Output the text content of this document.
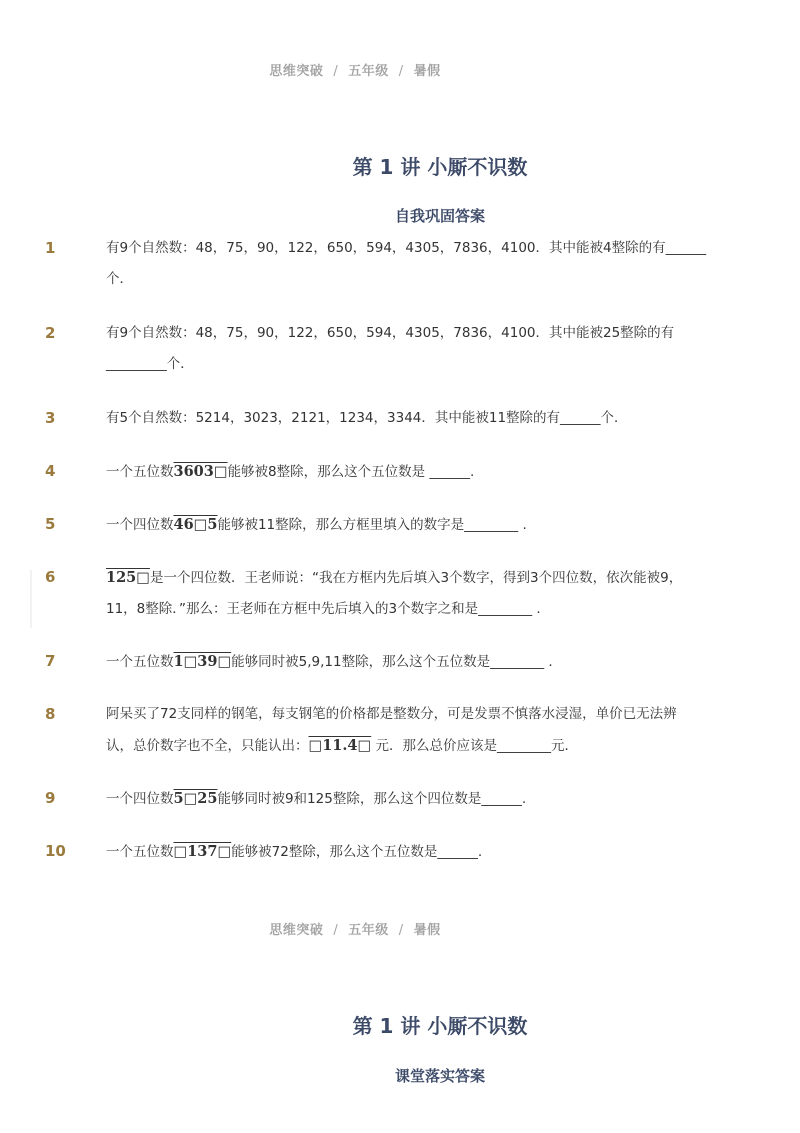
思维突破 / 五年级 / 暑假
第 1 讲 小厮不识数
自我巩固答案
1	有9个自然数：48，75，90，122，650，594，4305，7836，4100．其中能被4整除的有______
个．
2	有9个自然数：48，75，90，122，650，594，4305，7836，4100．其中能被25整除的有
_________个．
3	有5个自然数：5214，3023，2121，1234，3344．其中能被11整除的有______个．
4	一个五位数3603□能够被8整除，那么这个五位数是 ______.
5	一个四位数46□5能够被11整除，那么方框里填入的数字是________ .
6	125□是一个四位数．王老师说：“我在方框内先后填入3个数字，得到3个四位数，依次能被9，
11，8整除．”那么：王老师在方框中先后填入的3个数字之和是________ .
7	一个五位数1□39□能够同时被5,9,11整除，那么这个五位数是________ .
8	阿呆买了72支同样的钢笔，每支钢笔的价格都是整数分，可是发票不慎落水浸湿，单价已无法辨
认，总价数字也不全，只能认出：□11.4□ 元．那么总价应该是________元．
9	一个四位数5□25能够同时被9和125整除，那么这个四位数是______.
10	一个五位数□137□能够被72整除，那么这个五位数是______.
思维突破 / 五年级 / 暑假
第 1 讲 小厮不识数
课堂落实答案
